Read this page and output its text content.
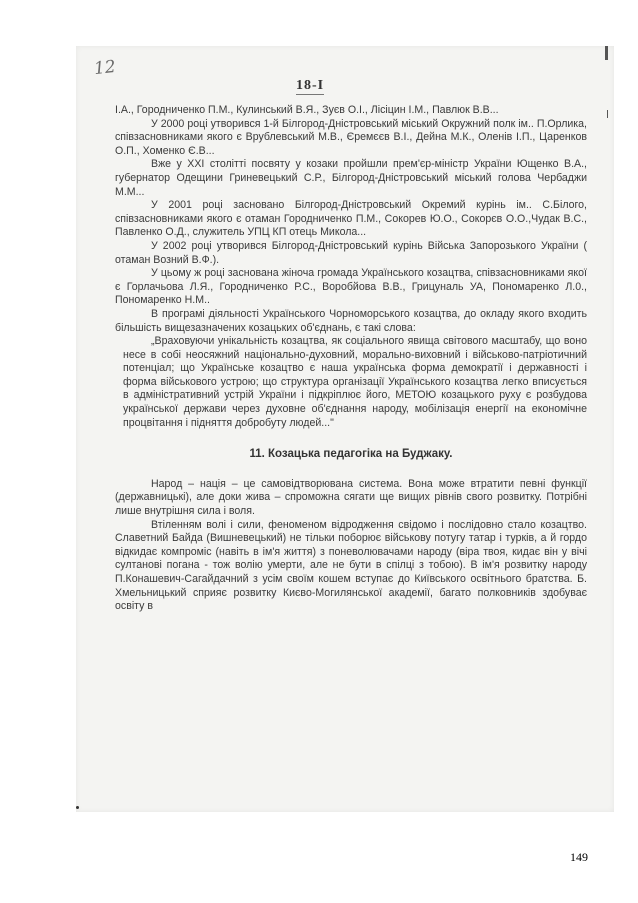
12
18-I

І.А., Городниченко П.М., Кулинський В.Я., Зуєв О.І., Лісіцин І.М., Павлюк В.В...

У 2000 році утворився 1-й Білгород-Дністровський міський Окружний полк ім.. П.Орлика, співзасновниками якого є Врублевський М.В., Єремєєв В.І., Дейна М.К., Оленів І.П., Царенков О.П., Хоменко Є.В...

Вже у XXI столітті посвяту у козаки пройшли прем'єр-міністр України Ющенко В.А., губернатор Одещини Гриневецький С.Р., Білгород-Дністровський міський голова Чербаджи М.М...

У 2001 році засновано Білгород-Дністровський Окремий курінь ім.. С.Білого, співзасновниками якого є отаман Городниченко П.М., Сокорев Ю.О., Сокорєв О.О.,Чудак В.С., Павленко О.Д., служитель УПЦ КП отець Микола...

У 2002 році утворився Білгород-Дністровський курінь Війська Запорозького України ( отаман Возний В.Ф.).

У цьому ж році заснована жіноча громада Українського козацтва, співзасновниками якої є Горлачьова Л.Я., Городниченко Р.С., Воробйова В.В., Грицуналь УА, Пономаренко Л.0., Пономаренко Н.М..

В програмі діяльності Українського Чорноморського козацтва, до окладу якого входить більшість вищезазначених козацьких об'єднань, є такі слова:

„Враховуючи унікальність козацтва, як соціального явища світового масштабу, що воно несе в собі неосяжний національно-духовний, морально-виховний і військово-патріотичний потенціал; що Українське козацтво є наша українська форма демократії і державності і форма військового устрою; що структура організації Українського козацтва легко вписується в адміністративний устрій України і підкріплює його, МЕТОЮ козацького руху є розбудова української держави через духовне об'єднання народу, мобілізація енергії на економічне процвітання і підняття добробуту людей..."

11. Козацька педагогіка на Буджаку.

Народ – нація – це самовідтворювана система. Вона може втратити певні функції (державницькі), але доки жива – спроможна сягати ще вищих рівнів свого розвитку. Потрібні лише внутрішня сила і воля.

Втіленням волі і сили, феноменом відродження свідомо і послідовно стало козацтво. Славетний Байда (Вишневецький) не тільки поборює військову потугу татар і турків, а й гордо відкидає компроміс (навіть в ім'я життя) з поневолювачами народу (віра твоя, кидає він у вічі султанові погана - тож волію умерти, але не бути в спілці з тобою). В ім'я розвитку народу П.Конашевич-Сагайдачний з усім своїм кошем вступає до Київського освітнього братства. Б. Хмельницький сприяє розвитку Києво-Могилянської академії, багато полковників здобуває освіту в

149
